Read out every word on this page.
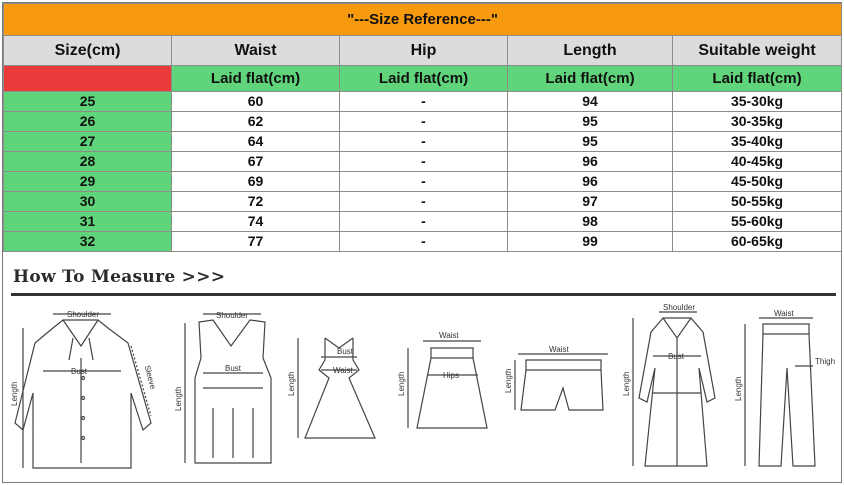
"---Size Reference---"				
Size(cm)	Waist	Hip	Length	Suitable weight
	Laid flat(cm)	Laid flat(cm)	Laid flat(cm)	Laid flat(cm)
25	60	-	94	35-30kg
26	62	-	95	30-35kg
27	64	-	95	35-40kg
28	67	-	96	40-45kg
29	69	-	96	45-50kg
30	72	-	97	50-55kg
31	74	-	98	55-60kg
32	77	-	99	60-65kg
How To Measure >>>
Shoulder
Bust
Length
Sleeve
Shoulder
Bust
Length
Bust
Waist
Length
Waist
Hips
Length
Waist
Length
Shoulder
Bust
Length
Waist
Thigh
Length
